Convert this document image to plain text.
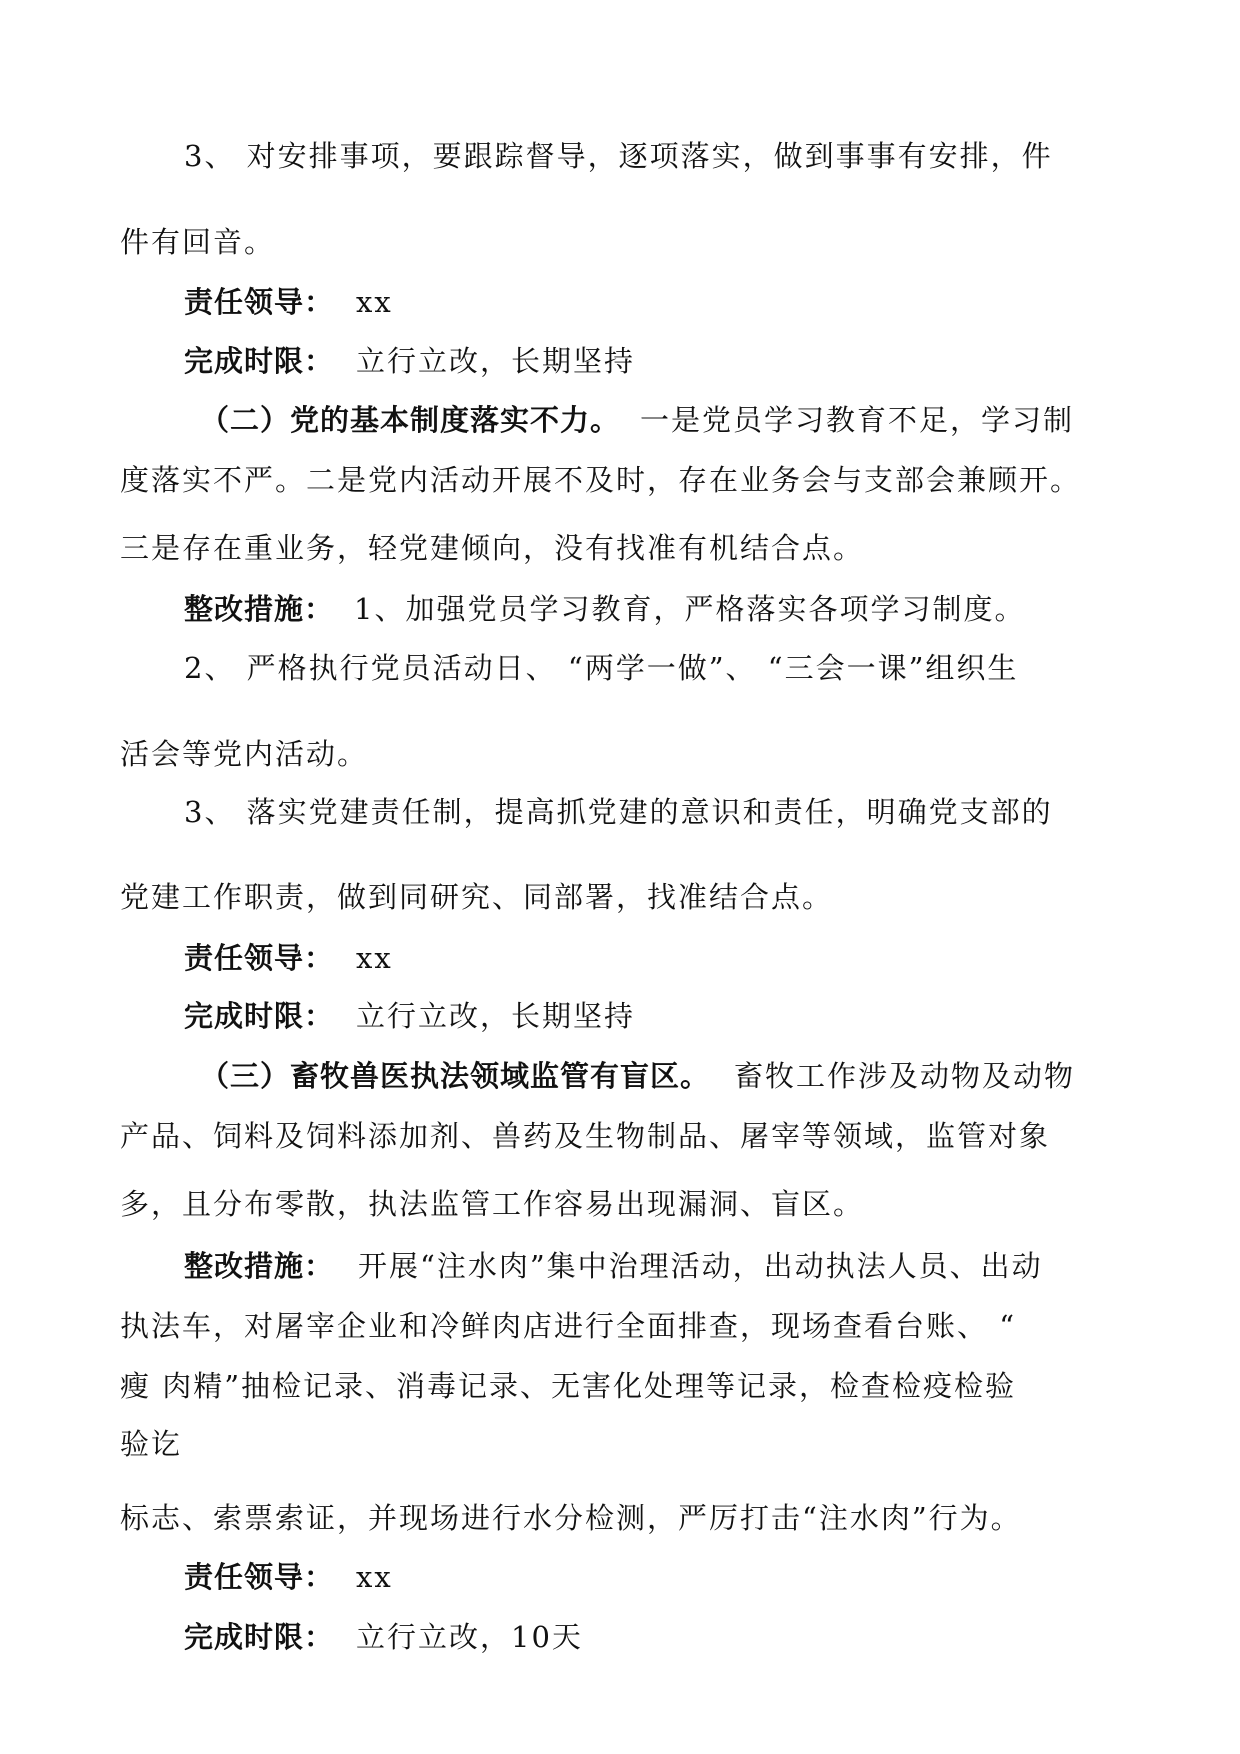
3、 对安排事项，要跟踪督导，逐项落实，做到事事有安排，件
件有回音。
责任领导： xx
完成时限： 立行立改，长期坚持
（二）党的基本制度落实不力。 一是党员学习教育不足，学习制
度落实不严。二是党内活动开展不及时，存在业务会与支部会兼顾开。
三是存在重业务，轻党建倾向，没有找准有机结合点。
整改措施： 1、加强党员学习教育，严格落实各项学习制度。
2、 严格执行党员活动日、 “两学一做”、 “三会一课”组织生
活会等党内活动。
3、 落实党建责任制，提高抓党建的意识和责任，明确党支部的
党建工作职责，做到同研究、同部署，找准结合点。
责任领导： xx
完成时限： 立行立改，长期坚持
（三）畜牧兽医执法领域监管有盲区。 畜牧工作涉及动物及动物
产品、饲料及饲料添加剂、兽药及生物制品、屠宰等领域，监管对象
多，且分布零散，执法监管工作容易出现漏洞、盲区。
整改措施： 开展“注水肉”集中治理活动，出动执法人员、出动
执法车，对屠宰企业和冷鲜肉店进行全面排查，现场查看台账、 “
瘦 肉精”抽检记录、消毒记录、无害化处理等记录，检查检疫检验
验讫
标志、索票索证，并现场进行水分检测，严厉打击“注水肉”行为。
责任领导： xx
完成时限： 立行立改，10天
